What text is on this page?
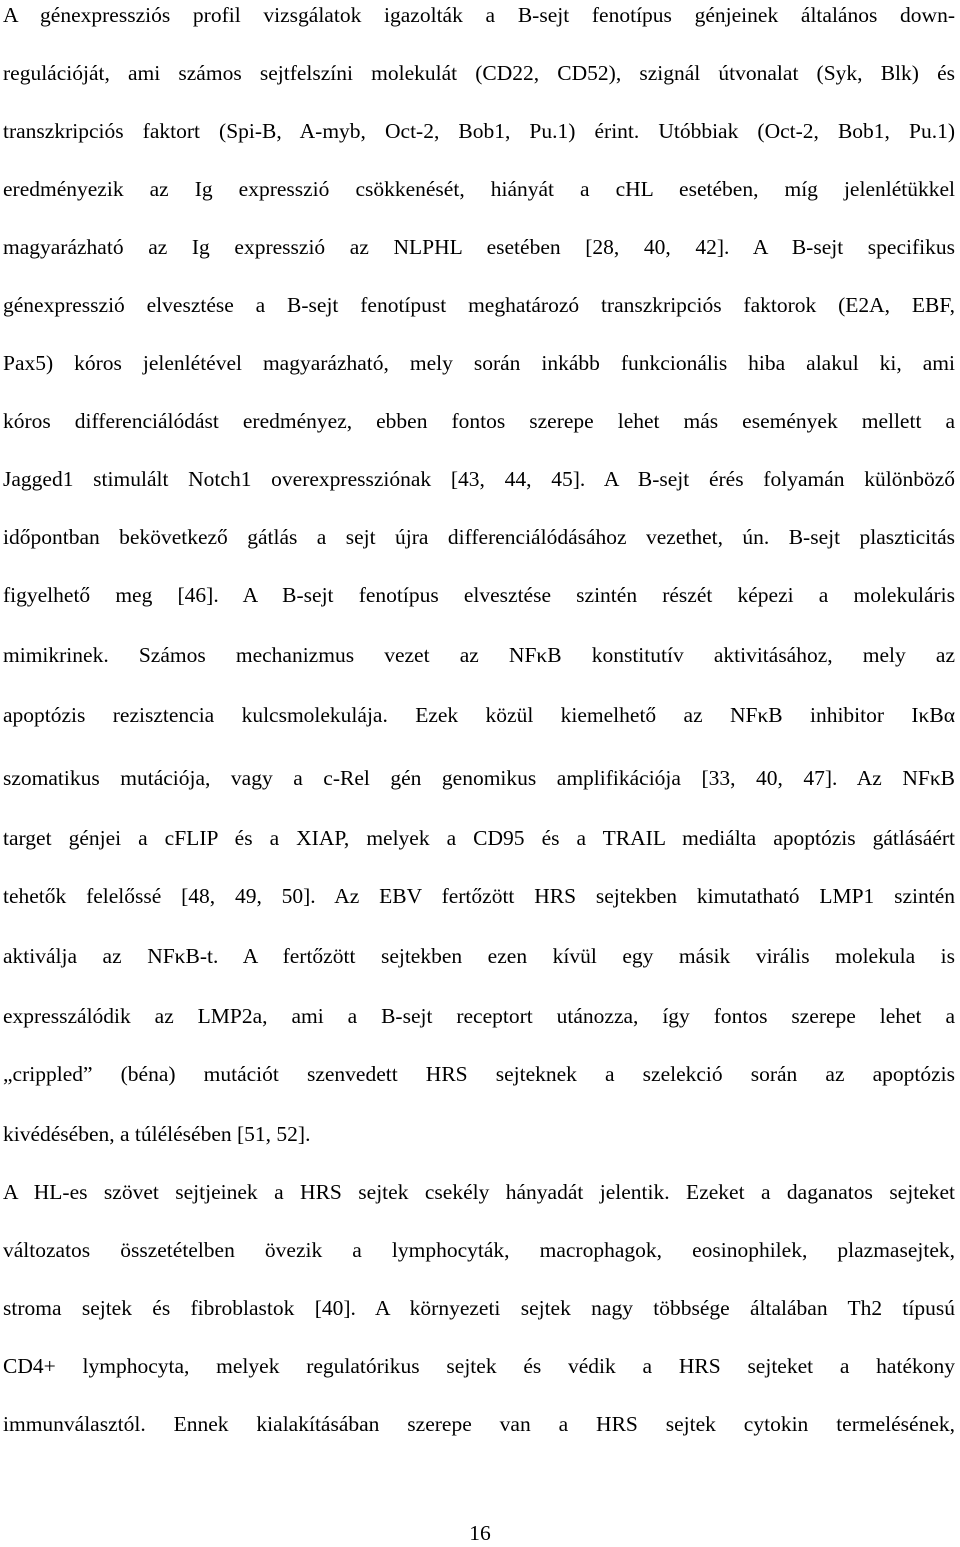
A génexpressziós profil vizsgálatok igazolták a B-sejt fenotípus génjeinek általános down-
regulációját, ami számos sejtfelszíni molekulát (CD22, CD52), szignál útvonalat (Syk, Blk) és
transzkripciós faktort (Spi-B, A-myb, Oct-2, Bob1, Pu.1) érint. Utóbbiak (Oct-2, Bob1, Pu.1)
eredményezik az Ig expresszió csökkenését, hiányát a cHL esetében, míg jelenlétükkel
magyarázható az Ig expresszió az NLPHL esetében [28, 40, 42]. A B-sejt specifikus
génexpresszió elvesztése a B-sejt fenotípust meghatározó transzkripciós faktorok (E2A, EBF,
Pax5) kóros jelenlétével magyarázható, mely során inkább funkcionális hiba alakul ki, ami
kóros differenciálódást eredményez, ebben fontos szerepe lehet más események mellett a
Jagged1 stimulált Notch1 overexpressziónak [43, 44, 45]. A B-sejt érés folyamán különböző
időpontban bekövetkező gátlás a sejt újra differenciálódásához vezethet, ún. B-sejt plaszticitás
figyelhető meg [46]. A B-sejt fenotípus elvesztése szintén részét képezi a molekuláris
mimikrinek. Számos mechanizmus vezet az NFκB konstitutív aktivitásához, mely az
apoptózis rezisztencia kulcsmolekulája. Ezek közül kiemelhető az NFκB inhibitor IκBα
szomatikus mutációja, vagy a c-Rel gén genomikus amplifikációja [33, 40, 47]. Az NFκB
target génjei a cFLIP és a XIAP, melyek a CD95 és a TRAIL mediálta apoptózis gátlásáért
tehetők felelőssé [48, 49, 50]. Az EBV fertőzött HRS sejtekben kimutatható LMP1 szintén
aktiválja az NFκB-t. A fertőzött sejtekben ezen kívül egy másik virális molekula is
expresszálódik az LMP2a, ami a B-sejt receptort utánozza, így fontos szerepe lehet a
„crippled” (béna) mutációt szenvedett HRS sejteknek a szelekció során az apoptózis
kivédésében, a túlélésében [51, 52].
A HL-es szövet sejtjeinek a HRS sejtek csekély hányadát jelentik. Ezeket a daganatos sejteket
változatos összetételben övezik a lymphocyták, macrophagok, eosinophilek, plazmasejtek,
stroma sejtek és fibroblastok [40]. A környezeti sejtek nagy többsége általában Th2 típusú
CD4+ lymphocyta, melyek regulatórikus sejtek és védik a HRS sejteket a hatékony
immunválasztól. Ennek kialakításában szerepe van a HRS sejtek cytokin termelésének,
16
